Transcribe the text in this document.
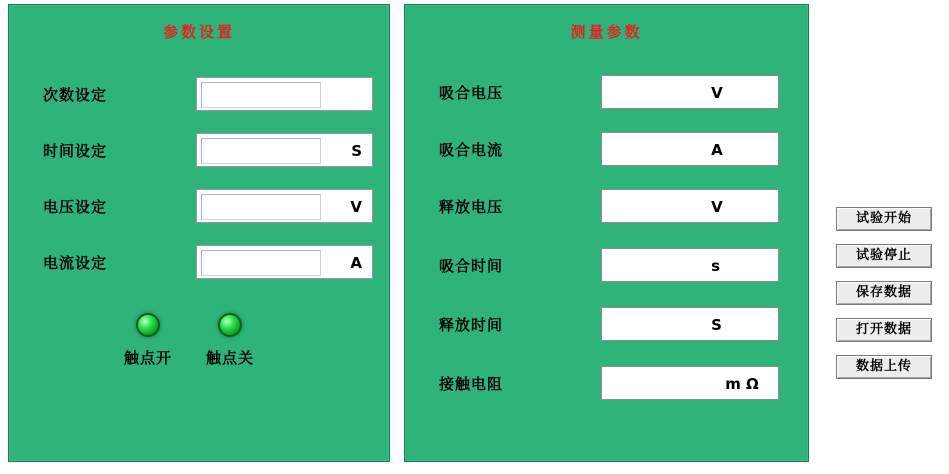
参数设置
次数设定
时间设定	S
电压设定	V
电流设定	A
触点开	触点关
测量参数
吸合电压	V
吸合电流	A
释放电压	V
吸合时间	s
释放时间	S
接触电阻	m Ω
试验开始
试验停止
保存数据
打开数据
数据上传
